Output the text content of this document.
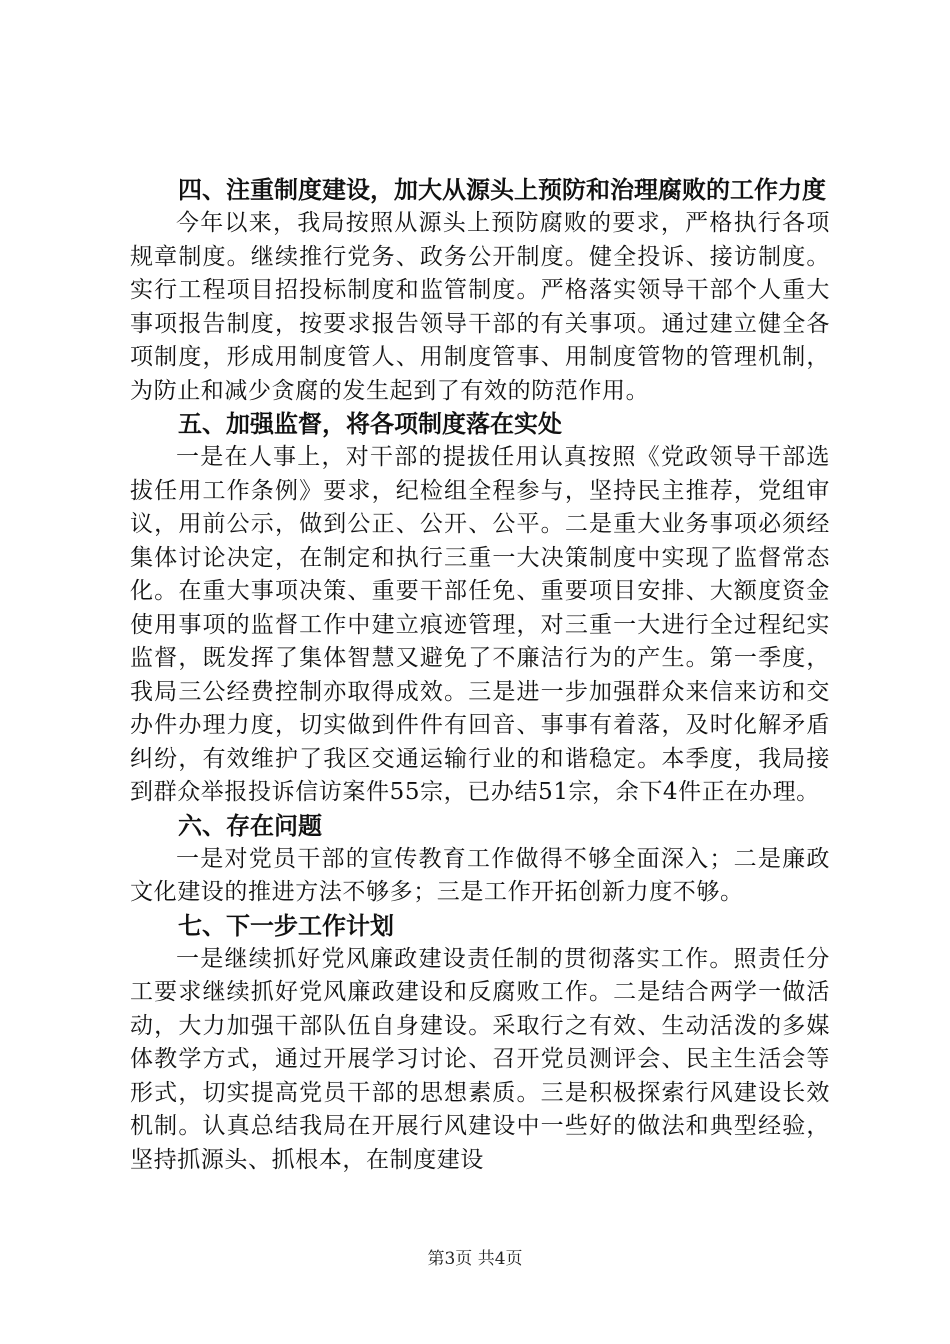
四、注重制度建设，加大从源头上预防和治理腐败的工作力度

今年以来，我局按照从源头上预防腐败的要求，严格执行各项规章制度。继续推行党务、政务公开制度。健全投诉、接访制度。实行工程项目招投标制度和监管制度。严格落实领导干部个人重大事项报告制度，按要求报告领导干部的有关事项。通过建立健全各项制度，形成用制度管人、用制度管事、用制度管物的管理机制，为防止和减少贪腐的发生起到了有效的防范作用。

五、加强监督，将各项制度落在实处

一是在人事上，对干部的提拔任用认真按照《党政领导干部选拔任用工作条例》要求，纪检组全程参与，坚持民主推荐，党组审议，用前公示，做到公正、公开、公平。二是重大业务事项必须经集体讨论决定，在制定和执行三重一大决策制度中实现了监督常态化。在重大事项决策、重要干部任免、重要项目安排、大额度资金使用事项的监督工作中建立痕迹管理，对三重一大进行全过程纪实监督，既发挥了集体智慧又避免了不廉洁行为的产生。第一季度，我局三公经费控制亦取得成效。三是进一步加强群众来信来访和交办件办理力度，切实做到件件有回音、事事有着落，及时化解矛盾纠纷，有效维护了我区交通运输行业的和谐稳定。本季度，我局接到群众举报投诉信访案件55宗，已办结51宗，余下4件正在办理。

六、存在问题

一是对党员干部的宣传教育工作做得不够全面深入；二是廉政文化建设的推进方法不够多；三是工作开拓创新力度不够。

七、下一步工作计划

一是继续抓好党风廉政建设责任制的贯彻落实工作。照责任分工要求继续抓好党风廉政建设和反腐败工作。二是结合两学一做活动，大力加强干部队伍自身建设。采取行之有效、生动活泼的多媒体教学方式，通过开展学习讨论、召开党员测评会、民主生活会等形式，切实提高党员干部的思想素质。三是积极探索行风建设长效机制。认真总结我局在开展行风建设中一些好的做法和典型经验，坚持抓源头、抓根本，在制度建设

第3页 共4页
